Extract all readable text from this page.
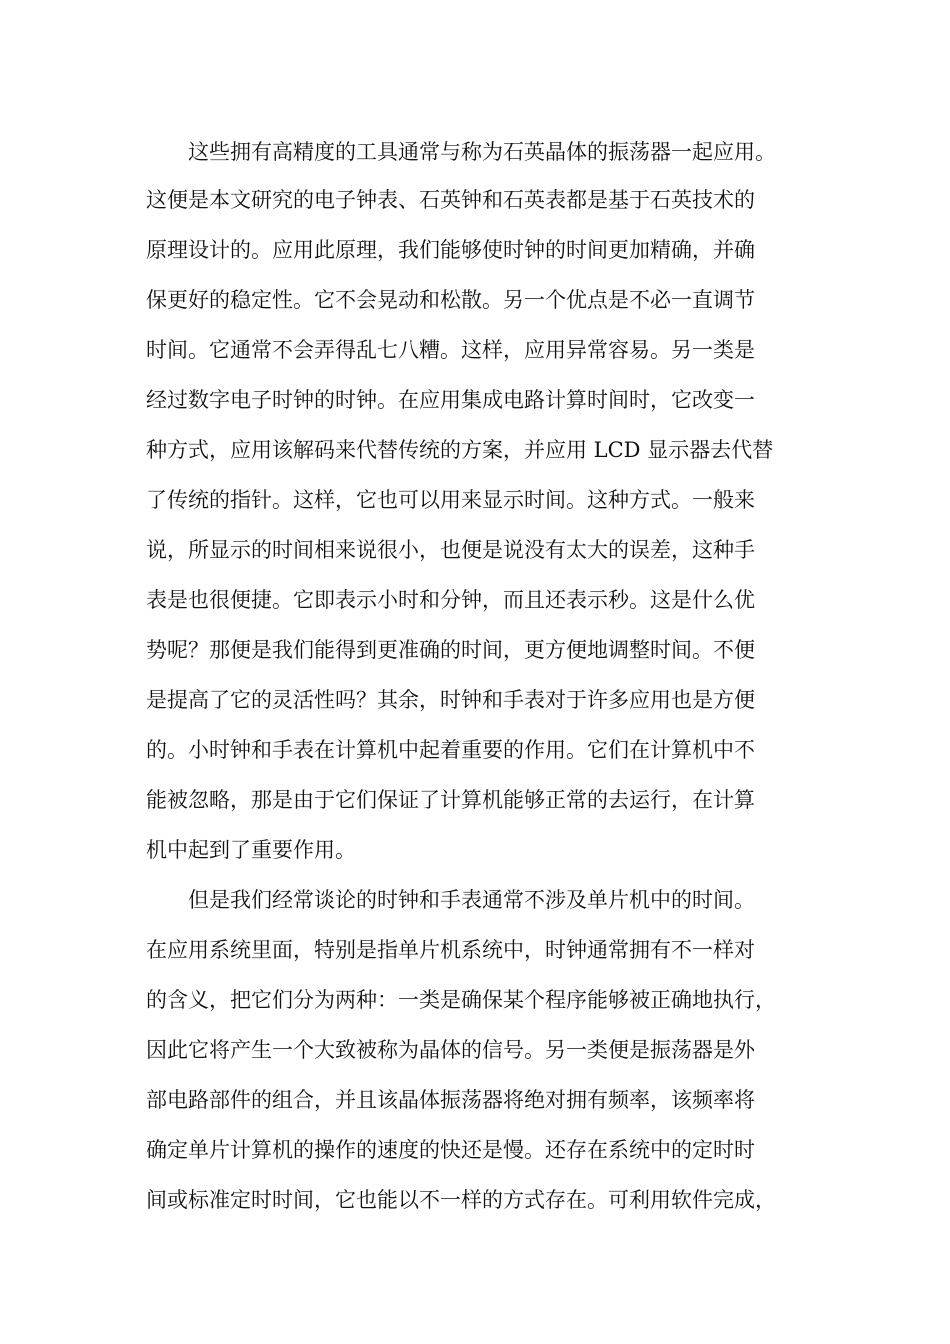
这些拥有高精度的工具通常与称为石英晶体的振荡器一起应用。
这便是本文研究的电子钟表、石英钟和石英表都是基于石英技术的
原理设计的。应用此原理，我们能够使时钟的时间更加精确，并确
保更好的稳定性。它不会晃动和松散。另一个优点是不必一直调节
时间。它通常不会弄得乱七八糟。这样，应用异常容易。另一类是
经过数字电子时钟的时钟。在应用集成电路计算时间时，它改变一
种方式，应用该解码来代替传统的方案，并应用 LCD 显示器去代替
了传统的指针。这样，它也可以用来显示时间。这种方式。一般来
说，所显示的时间相来说很小，也便是说没有太大的误差，这种手
表是也很便捷。它即表示小时和分钟，而且还表示秒。这是什么优
势呢？那便是我们能得到更准确的时间，更方便地调整时间。不便
是提高了它的灵活性吗？其余，时钟和手表对于许多应用也是方便
的。小时钟和手表在计算机中起着重要的作用。它们在计算机中不
能被忽略，那是由于它们保证了计算机能够正常的去运行，在计算
机中起到了重要作用。
但是我们经常谈论的时钟和手表通常不涉及单片机中的时间。
在应用系统里面，特别是指单片机系统中，时钟通常拥有不一样对
的含义，把它们分为两种：一类是确保某个程序能够被正确地执行，
因此它将产生一个大致被称为晶体的信号。另一类便是振荡器是外
部电路部件的组合，并且该晶体振荡器将绝对拥有频率，该频率将
确定单片计算机的操作的速度的快还是慢。还存在系统中的定时时
间或标准定时时间，它也能以不一样的方式存在。可利用软件完成，
